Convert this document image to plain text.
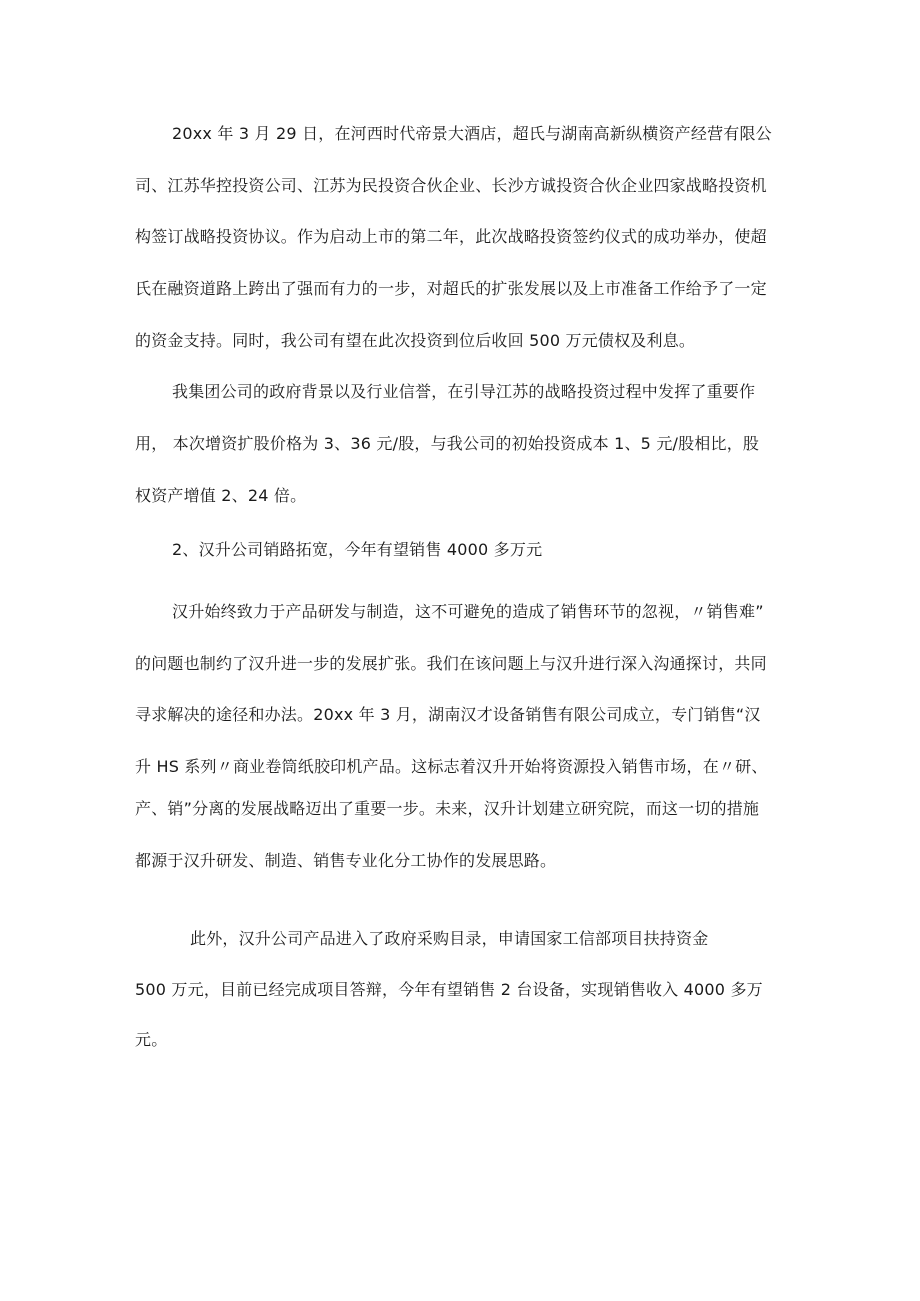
20xx 年 3 月 29 日，在河西时代帝景大酒店，超氏与湖南高新纵横资产经营有限公
司、江苏华控投资公司、江苏为民投资合伙企业、长沙方诚投资合伙企业四家战略投资机
构签订战略投资协议。作为启动上市的第二年，此次战略投资签约仪式的成功举办，使超
氏在融资道路上跨出了强而有力的一步，对超氏的扩张发展以及上市准备工作给予了一定
的资金支持。同时，我公司有望在此次投资到位后收回 500 万元债权及利息。
我集团公司的政府背景以及行业信誉，在引导江苏的战略投资过程中发挥了重要作
用， 本次增资扩股价格为 3、36 元/股，与我公司的初始投资成本 1、5 元/股相比，股
权资产增值 2、24 倍。
2、汉升公司销路拓宽，今年有望销售 4000 多万元
汉升始终致力于产品研发与制造，这不可避免的造成了销售环节的忽视，〃销售难”
的问题也制约了汉升进一步的发展扩张。我们在该问题上与汉升进行深入沟通探讨，共同
寻求解决的途径和办法。20xx 年 3 月，湖南汉才设备销售有限公司成立，专门销售“汉
升 HS 系列〃商业卷筒纸胶印机产品。这标志着汉升开始将资源投入销售市场，在〃研、
产、销”分离的发展战略迈出了重要一步。未来，汉升计划建立研究院，而这一切的措施
都源于汉升研发、制造、销售专业化分工协作的发展思路。
此外，汉升公司产品进入了政府采购目录，申请国家工信部项目扶持资金
500 万元，目前已经完成项目答辩，今年有望销售 2 台设备，实现销售收入 4000 多万
元。
